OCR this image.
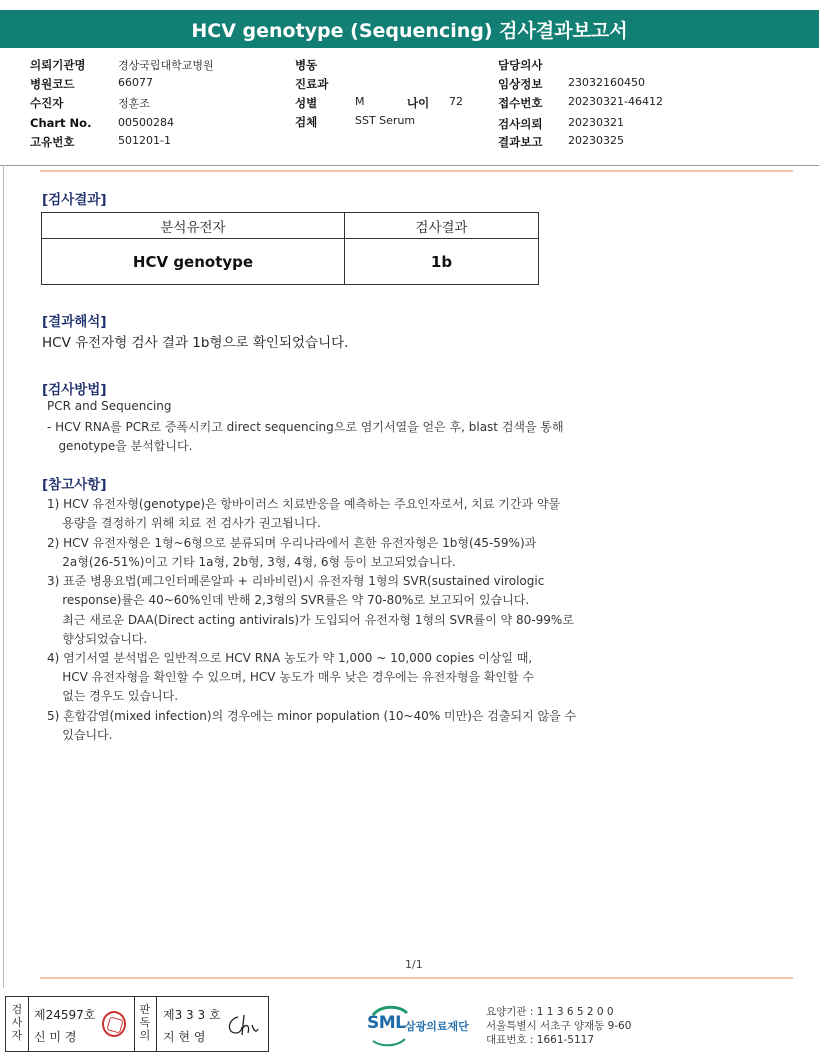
HCV genotype (Sequencing) 검사결과보고서
의뢰기관명	경상국립대학교병원
병원코드	66077
수진자	정훈조
Chart No. 00500284
고유번호	501201-1
병동
진료과
성별	M	나이 72
검체	SST Serum
담당의사
임상정보 23032160450
접수번호 20230321-46412
검사의뢰 20230321
결과보고 20230325
[검사결과]
분석유전자	검사결과
HCV genotype	1b
[결과해석]
HCV 유전자형 검사 결과 1b형으로 확인되었습니다.
[검사방법]
PCR and Sequencing
- HCV RNA를 PCR로 증폭시키고 direct sequencing으로 염기서열을 얻은 후, blast 검색을 통해
genotype을 분석합니다.
[참고사항]
1) HCV 유전자형(genotype)은 항바이러스 치료반응을 예측하는 주요인자로서, 치료 기간과 약물
용량을 결정하기 위해 치료 전 검사가 권고됩니다.
2) HCV 유전자형은 1형~6형으로 분류되며 우리나라에서 흔한 유전자형은 1b형(45-59%)과
2a형(26-51%)이고 기타 1a형, 2b형, 3형, 4형, 6형 등이 보고되었습니다.
3) 표준 병용요법(페그인터페론알파 + 리바비린)시 유전자형 1형의 SVR(sustained virologic
response)률은 40~60%인데 반해 2,3형의 SVR률은 약 70-80%로 보고되어 있습니다.
최근 새로운 DAA(Direct acting antivirals)가 도입되어 유전자형 1형의 SVR률이 약 80-99%로
향상되었습니다.
4) 염기서열 분석법은 일반적으로 HCV RNA 농도가 약 1,000 ~ 10,000 copies 이상일 때,
HCV 유전자형을 확인할 수 있으며, HCV 농도가 매우 낮은 경우에는 유전자형을 확인할 수
없는 경우도 있습니다.
5) 혼합감염(mixed infection)의 경우에는 minor population (10~40% 미만)은 검출되지 않을 수
있습니다.
1/1
검
사
자
제24597호
신 미 경
판
독
의
제3 3 3 호
지 현 영
SML 삼광의료재단
요양기관 : 1 1 3 6 5 2 0 0
서울특별시 서초구 양재동 9-60
대표번호 : 1661-5117
